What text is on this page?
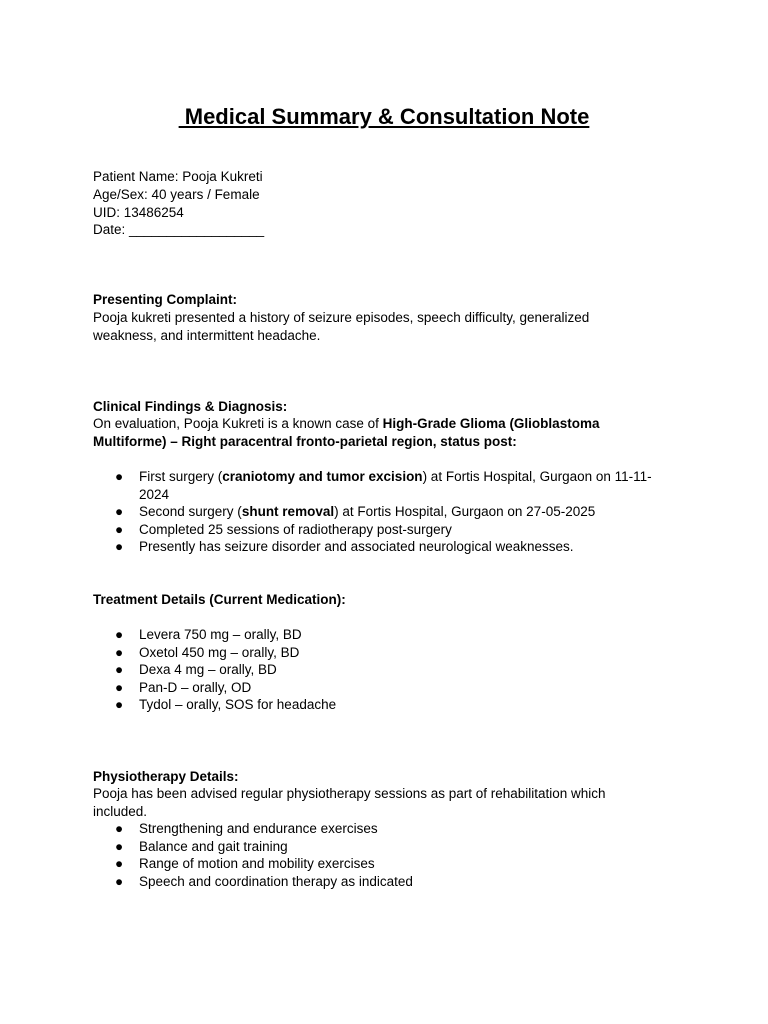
Medical Summary & Consultation Note
Patient Name: Pooja Kukreti
Age/Sex: 40 years / Female
UID: 13486254
Date: __________________
Presenting Complaint:
Pooja kukreti presented a history of seizure episodes, speech difficulty, generalized weakness, and intermittent headache.
Clinical Findings & Diagnosis:
On evaluation, Pooja Kukreti is a known case of High-Grade Glioma (Glioblastoma Multiforme) – Right paracentral fronto-parietal region, status post:
● First surgery (craniotomy and tumor excision) at Fortis Hospital, Gurgaon on 11-11-2024
● Second surgery (shunt removal) at Fortis Hospital, Gurgaon on 27-05-2025
● Completed 25 sessions of radiotherapy post-surgery
● Presently has seizure disorder and associated neurological weaknesses.
Treatment Details (Current Medication):
● Levera 750 mg – orally, BD
● Oxetol 450 mg – orally, BD
● Dexa 4 mg – orally, BD
● Pan-D – orally, OD
● Tydol – orally, SOS for headache
Physiotherapy Details:
Pooja has been advised regular physiotherapy sessions as part of rehabilitation which included.
● Strengthening and endurance exercises
● Balance and gait training
● Range of motion and mobility exercises
● Speech and coordination therapy as indicated
